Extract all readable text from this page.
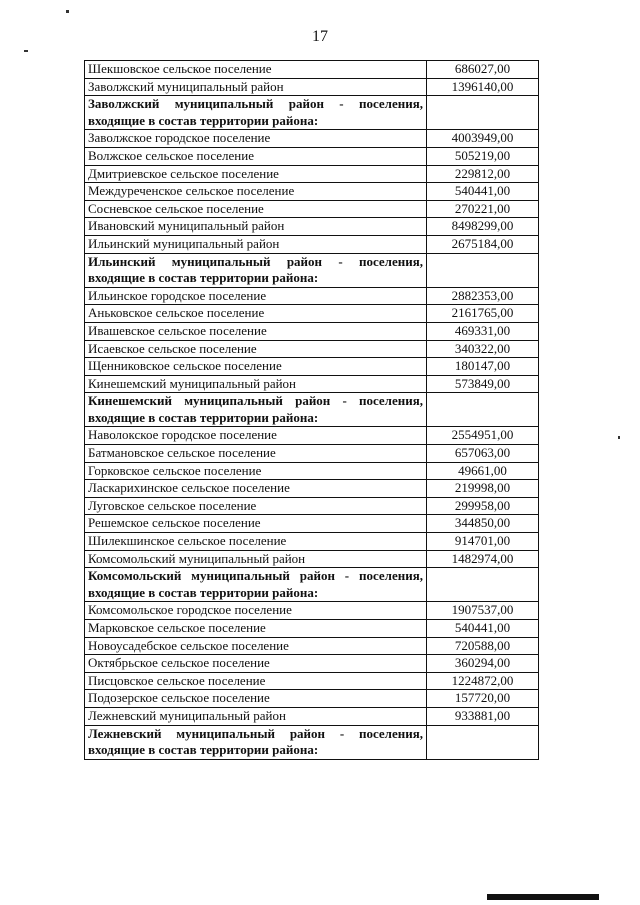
17
Шекшовское сельское поселение	686027,00
Заволжский муниципальный район	1396140,00
Заволжский муниципальный район - поселения, входящие в состав территории района:	
Заволжское городское поселение	4003949,00
Волжское сельское поселение	505219,00
Дмитриевское сельское поселение	229812,00
Междуреченское сельское поселение	540441,00
Сосневское сельское поселение	270221,00
Ивановский муниципальный район	8498299,00
Ильинский муниципальный район	2675184,00
Ильинский муниципальный район - поселения, входящие в состав территории района:	
Ильинское городское поселение	2882353,00
Аньковское сельское поселение	2161765,00
Ивашевское сельское поселение	469331,00
Исаевское сельское поселение	340322,00
Щенниковское сельское поселение	180147,00
Кинешемский муниципальный район	573849,00
Кинешемский муниципальный район - поселения, входящие в состав территории района:	
Наволокское городское поселение	2554951,00
Батмановское сельское поселение	657063,00
Горковское сельское поселение	49661,00
Ласкарихинское сельское поселение	219998,00
Луговское сельское поселение	299958,00
Решемское сельское поселение	344850,00
Шилекшинское сельское поселение	914701,00
Комсомольский муниципальный район	1482974,00
Комсомольский муниципальный район - поселения, входящие в состав территории района:	
Комсомольское городское поселение	1907537,00
Марковское сельское поселение	540441,00
Новоусадебское сельское поселение	720588,00
Октябрьское сельское поселение	360294,00
Писцовское сельское поселение	1224872,00
Подозерское сельское поселение	157720,00
Лежневский муниципальный район	933881,00
Лежневский муниципальный район - поселения, входящие в состав территории района:	
